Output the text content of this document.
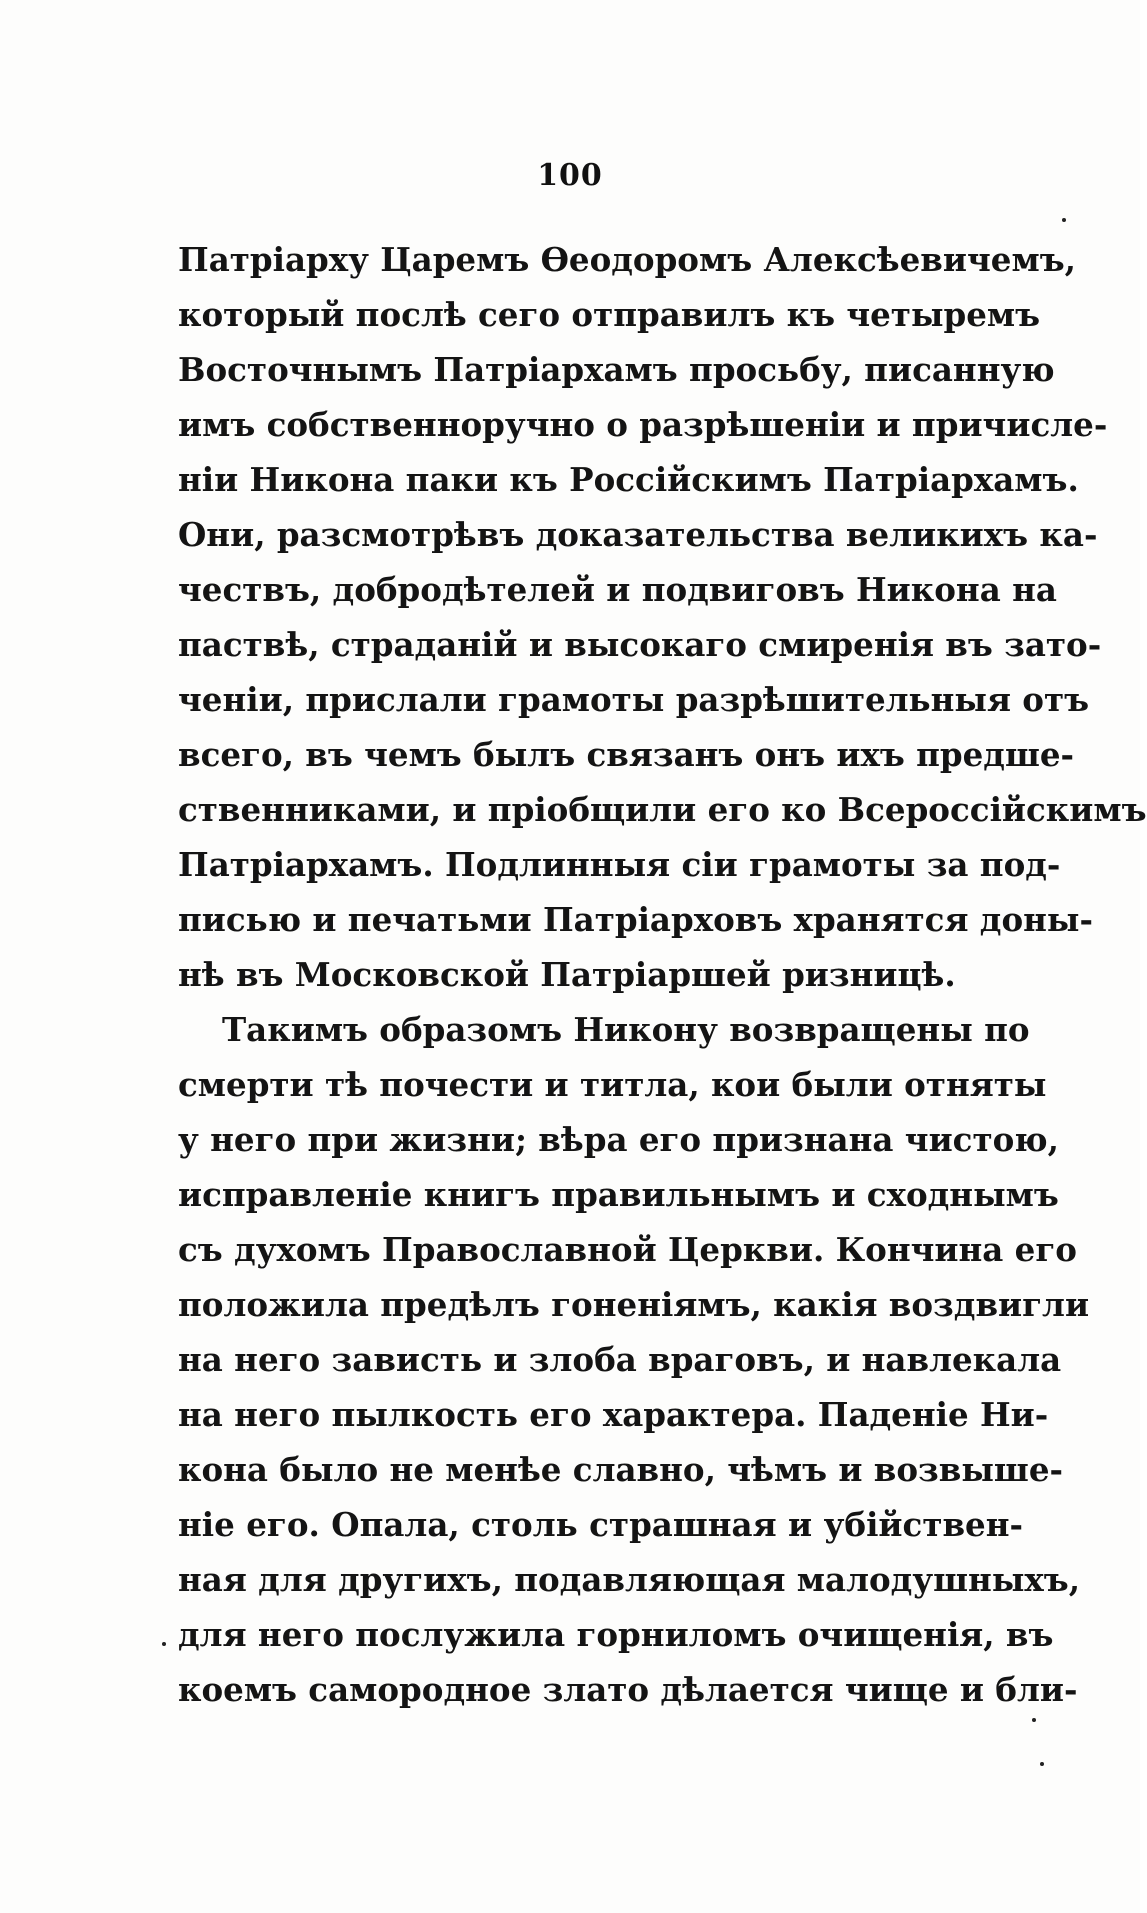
100
Патріарху Царемъ Өеодоромъ Алексѣевичемъ,
который послѣ сего отправилъ къ четыремъ
Восточнымъ Патріархамъ просьбу, писанную
имъ собственноручно о разрѣшеніи и причисле-
ніи Никона паки къ Россійскимъ Патріархамъ.
Они, разсмотрѣвъ доказательства великихъ ка-
чествъ, добродѣтелей и подвиговъ Никона на
паствѣ, страданій и высокаго смиренія въ зато-
ченіи, прислали грамоты разрѣшительныя отъ
всего, въ чемъ былъ связанъ онъ ихъ предше-
ственниками, и пріобщили его ко Всероссійскимъ
Патріархамъ. Подлинныя сіи грамоты за под-
писью и печатьми Патріарховъ хранятся доны-
нѣ въ Московской Патріаршей ризницѣ.
Такимъ образомъ Никону возвращены по
смерти тѣ почести и титла, кои были отняты
у него при жизни; вѣра его признана чистою,
исправленіе книгъ правильнымъ и сходнымъ
съ духомъ Православной Церкви. Кончина его
положила предѣлъ гоненіямъ, какія воздвигли
на него зависть и злоба враговъ, и навлекала
на него пылкость его характера. Паденіе Ни-
кона было не менѣе славно, чѣмъ и возвыше-
ніе его. Опала, столь страшная и убійствен-
ная для другихъ, подавляющая малодушныхъ,
для него послужила горниломъ очищенія, въ
коемъ самородное злато дѣлается чище и бли-
